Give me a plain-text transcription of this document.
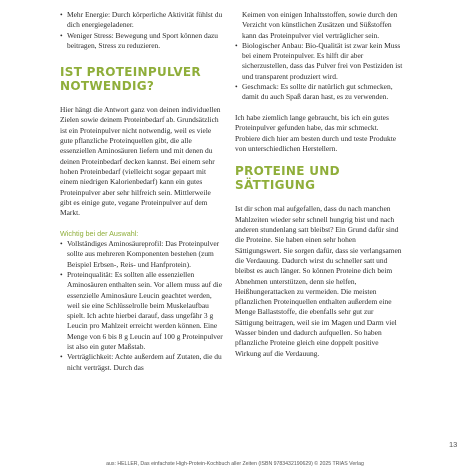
• Mehr Energie: Durch körperliche Aktivität fühlst du dich energiegeladener.
• Weniger Stress: Bewegung und Sport können dazu beitragen, Stress zu reduzieren.
IST PROTEINPULVER NOTWENDIG?

Hier hängt die Antwort ganz von deinen individuellen Zielen sowie deinem Proteinbedarf ab. Grundsätzlich ist ein Proteinpulver nicht notwendig, weil es viele gute pflanzliche Proteinquellen gibt, die alle essenziellen Aminosäuren liefern und mit denen du deinen Proteinbedarf decken kannst. Bei einem sehr hohen Proteinbedarf (vielleicht sogar gepaart mit einem niedrigen Kalorienbedarf) kann ein gutes Proteinpulver aber sehr hilfreich sein. Mittlerweile gibt es einige gute, vegane Proteinpulver auf dem Markt.

Wichtig bei der Auswahl:
• Vollständiges Aminosäureprofil: Das Proteinpulver sollte aus mehreren Komponenten bestehen (zum Beispiel Erbsen-, Reis- und Hanfprotein).
• Proteinqualität: Es sollten alle essenziellen Aminosäuren enthalten sein. Vor allem muss auf die essenzielle Aminosäure Leucin geachtet werden, weil sie eine Schlüsselrolle beim Muskelaufbau spielt. Ich achte hierbei darauf, dass ungefähr 3 g Leucin pro Mahlzeit erreicht werden können. Eine Menge von 6 bis 8 g Leucin auf 100 g Proteinpulver ist also ein guter Maßstab.
• Verträglichkeit: Achte außerdem auf Zutaten, die du nicht verträgst. Durch das
Keimen von einigen Inhaltsstoffen, sowie durch den Verzicht von künstlichen Zusätzen und Süßstoffen kann das Proteinpulver viel verträglicher sein.
• Biologischer Anbau: Bio-Qualität ist zwar kein Muss bei einem Proteinpulver. Es hilft dir aber sicherzustellen, dass das Pulver frei von Pestiziden ist und transparent produziert wird.
• Geschmack: Es sollte dir natürlich gut schmecken, damit du auch Spaß daran hast, es zu verwenden.

Ich habe ziemlich lange gebraucht, bis ich ein gutes Proteinpulver gefunden habe, das mir schmeckt. Probiere dich hier am besten durch und teste Produkte von unterschiedlichen Herstellern.

PROTEINE UND SÄTTIGUNG

Ist dir schon mal aufgefallen, dass du nach manchen Mahlzeiten wieder sehr schnell hungrig bist und nach anderen stundenlang satt bleibst? Ein Grund dafür sind die Proteine. Sie haben einen sehr hohen Sättigungswert. Sie sorgen dafür, dass sie verlangsamen die Verdauung. Dadurch wirst du schneller satt und bleibst es auch länger. So können Proteine dich beim Abnehmen unterstützen, denn sie helfen, Heißhungerattacken zu vermeiden. Die meisten pflanzlichen Proteinquellen enthalten außerdem eine Menge Ballaststoffe, die ebenfalls sehr gut zur Sättigung beitragen, weil sie im Magen und Darm viel Wasser binden und dadurch aufquellen. So haben pflanzliche Proteine gleich eine doppelt positive Wirkung auf die Verdauung.

13
aus: HELLER, Das einfachste High-Protein-Kochbuch aller Zeiten (ISBN 9783432190629) © 2025 TRIAS Verlag
